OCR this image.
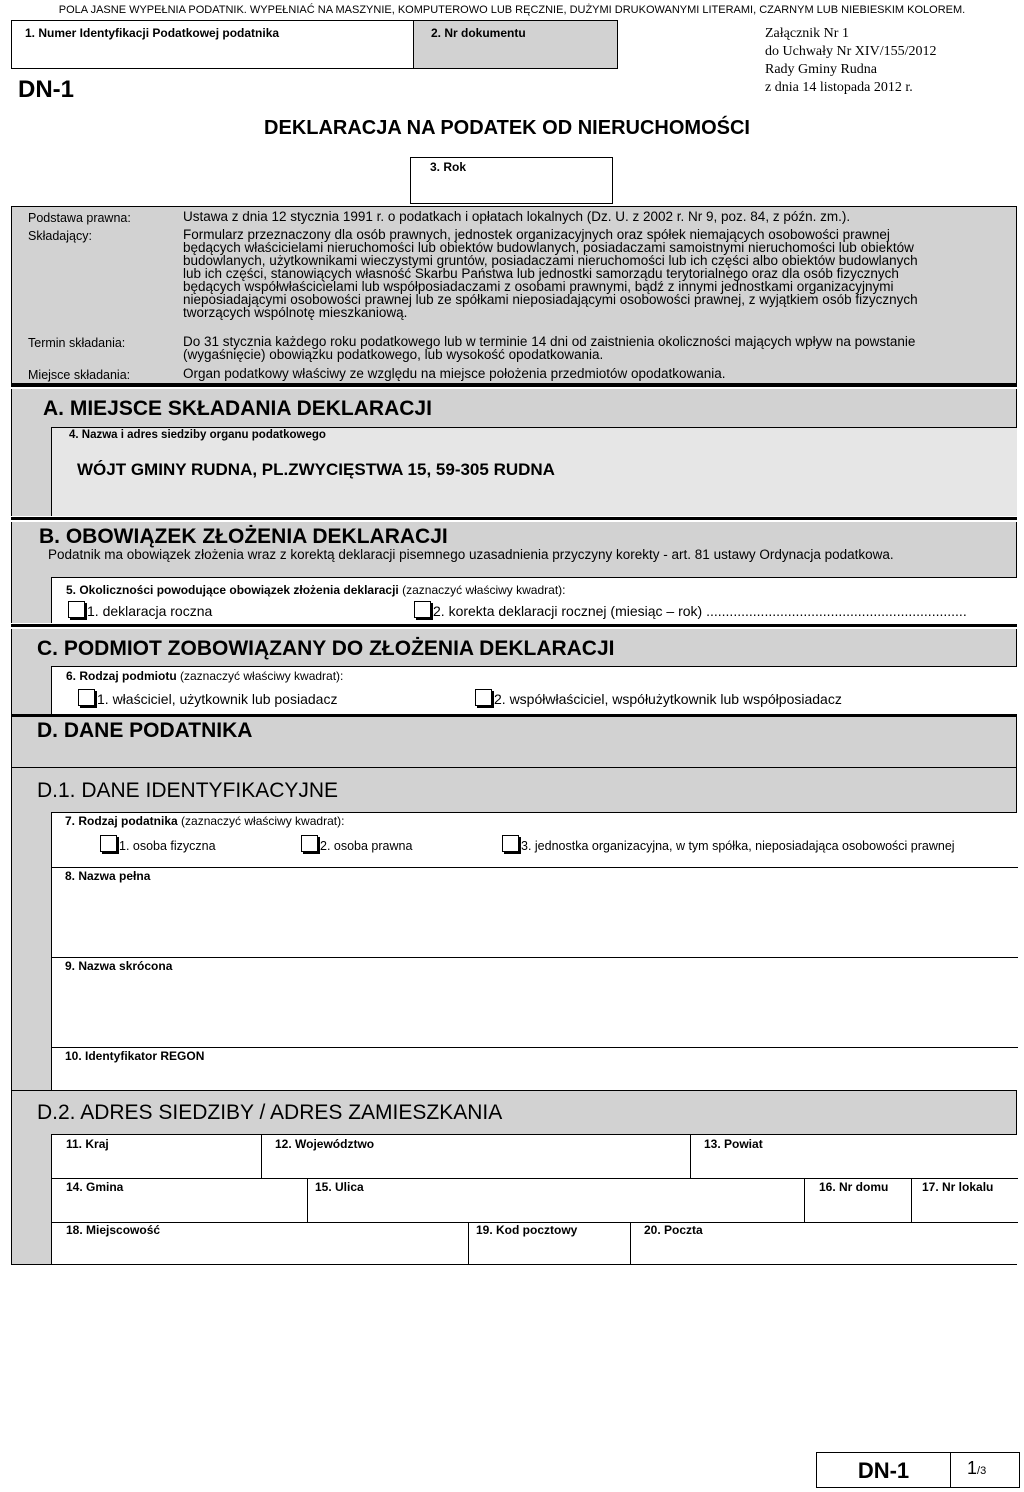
POLA JASNE WYPEŁNIA PODATNIK. WYPEŁNIAĆ NA MASZYNIE, KOMPUTEROWO LUB RĘCZNIE, DUŻYMI DRUKOWANYMI LITERAMI, CZARNYM LUB NIEBIESKIM KOLOREM.
1. Numer Identyfikacji Podatkowej podatnika	2. Nr dokumentu
DN-1
Załącznik Nr 1
do Uchwały Nr XIV/155/2012
Rady Gminy Rudna
z dnia 14 listopada 2012 r.
DEKLARACJA NA PODATEK OD NIERUCHOMOŚCI
3. Rok
Podstawa prawna:	Ustawa z dnia 12 stycznia 1991 r. o podatkach i opłatach lokalnych (Dz. U. z 2002 r. Nr 9, poz. 84, z późn. zm.).
Składający:	Formularz przeznaczony dla osób prawnych, jednostek organizacyjnych oraz spółek niemających osobowości prawnej
będących właścicielami nieruchomości lub obiektów budowlanych, posiadaczami samoistnymi nieruchomości lub obiektów
budowlanych, użytkownikami wieczystymi gruntów, posiadaczami nieruchomości lub ich części albo obiektów budowlanych
lub ich części, stanowiących własność Skarbu Państwa lub jednostki samorządu terytorialnego oraz dla osób fizycznych
będących współwłaścicielami lub współposiadaczami z osobami prawnymi, bądź z innymi jednostkami organizacyjnymi
nieposiadającymi osobowości prawnej lub ze spółkami nieposiadającymi osobowości prawnej, z wyjątkiem osób fizycznych
tworzących wspólnotę mieszkaniową.
Termin składania:	Do 31 stycznia każdego roku podatkowego lub w terminie 14 dni od zaistnienia okoliczności mających wpływ na powstanie
(wygaśnięcie) obowiązku podatkowego, lub wysokość opodatkowania.
Miejsce składania:	Organ podatkowy właściwy ze względu na miejsce położenia przedmiotów opodatkowania.
A. MIEJSCE SKŁADANIA DEKLARACJI
4. Nazwa i adres siedziby organu podatkowego
WÓJT GMINY RUDNA, PL.ZWYCIĘSTWA 15, 59-305 RUDNA
B. OBOWIĄZEK ZŁOŻENIA DEKLARACJI
Podatnik ma obowiązek złożenia wraz z korektą deklaracji pisemnego uzasadnienia przyczyny korekty - art. 81 ustawy Ordynacja podatkowa.
5. Okoliczności powodujące obowiązek złożenia deklaracji (zaznaczyć właściwy kwadrat):
1. deklaracja roczna	2. korekta deklaracji rocznej (miesiąc – rok) ...................................................................
C. PODMIOT ZOBOWIĄZANY DO ZŁOŻENIA DEKLARACJI
6. Rodzaj podmiotu (zaznaczyć właściwy kwadrat):
1. właściciel, użytkownik lub posiadacz	2. współwłaściciel, współużytkownik lub współposiadacz
D. DANE PODATNIKA
D.1. DANE IDENTYFIKACYJNE
7. Rodzaj podatnika (zaznaczyć właściwy kwadrat):
1. osoba fizyczna	2. osoba prawna	3. jednostka organizacyjna, w tym spółka, nieposiadająca osobowości prawnej
8. Nazwa pełna
9. Nazwa skrócona
10. Identyfikator REGON
D.2. ADRES SIEDZIBY / ADRES ZAMIESZKANIA
11. Kraj	12. Województwo	13. Powiat
14. Gmina	15. Ulica	16. Nr domu	17. Nr lokalu
18. Miejscowość	19. Kod pocztowy	20. Poczta
DN-1	1/3
